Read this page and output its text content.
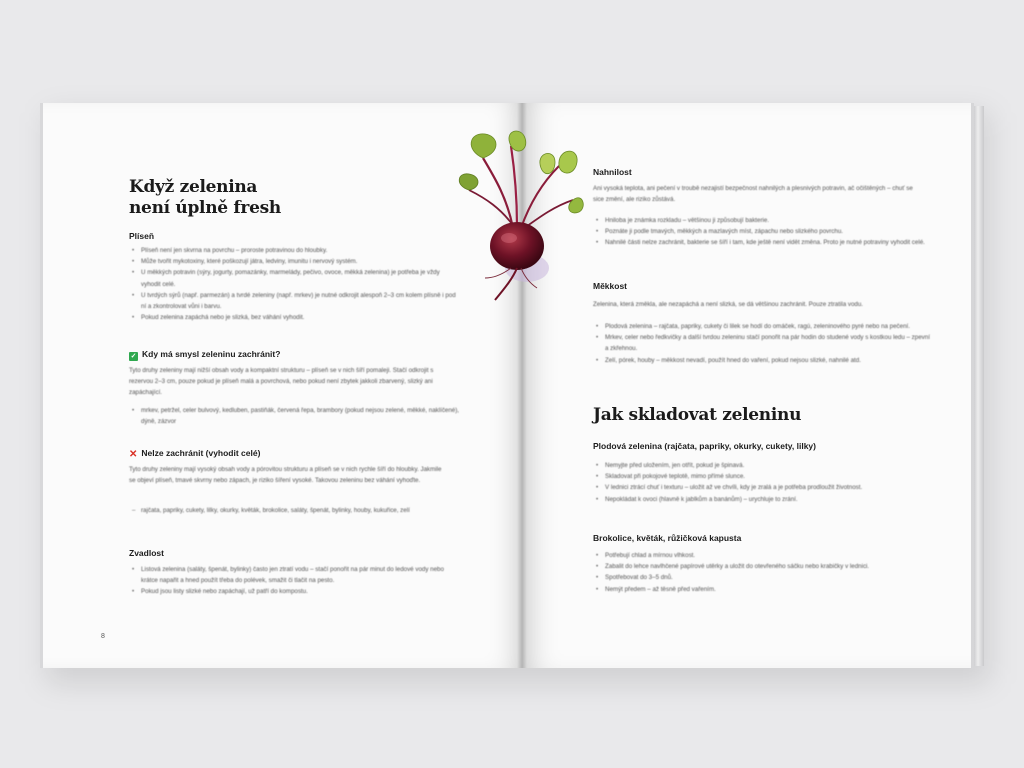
Když zelenina
není úplně fresh
Plíseň
• Plíseň není jen skvrna na povrchu – proroste potravinou do hloubky.
• Může tvořit mykotoxiny, které poškozují játra, ledviny, imunitu i nervový systém.
• U měkkých potravin (sýry, jogurty, pomazánky, marmelády, pečivo, ovoce, měkká zelenina) je potřeba je vždy vyhodit celé.
• U tvrdých sýrů (např. parmezán) a tvrdé zeleniny (např. mrkev) je nutné odkrojit alespoň 2–3 cm kolem plísně i pod ní a zkontrolovat vůni i barvu.
• Pokud zelenina zapáchá nebo je slizká, bez váhání vyhodit.
✓ Kdy má smysl zeleninu zachránit?
Tyto druhy zeleniny mají nižší obsah vody a kompaktní strukturu – plíseň se v nich šíří pomaleji. Stačí odkrojit s rezervou 2–3 cm, pouze pokud je plíseň malá a povrchová, nebo pokud není zbytek jakkoli zbarvený, slizký ani zapáchající.
• mrkev, petržel, celer bulvový, kedluben, pastiňák, červená řepa, brambory (pokud nejsou zelené, měkké, naklíčené), dýně, zázvor
✕ Nelze zachránit (vyhodit celé)
Tyto druhy zeleniny mají vysoký obsah vody a pórovitou strukturu a plíseň se v nich rychle šíří do hloubky. Jakmile se objeví plíseň, tmavé skvrny nebo zápach, je riziko šíření vysoké. Takovou zeleninu bez váhání vyhoďte.
– rajčata, papriky, cukety, lilky, okurky, květák, brokolice, saláty, špenát, bylinky, houby, kukuřice, zelí
Zvadlost
• Listová zelenina (saláty, špenát, bylinky) často jen ztratí vodu – stačí ponořit na pár minut do ledové vody nebo krátce napařit a hned použít třeba do polévek, smažit či tlačit na pesto.
• Pokud jsou listy slizké nebo zapáchají, už patří do kompostu.
8
Nahnilost
Ani vysoká teplota, ani pečení v troubě nezajistí bezpečnost nahnilých a plesnivých potravin, ač očištěných – chuť se sice změní, ale riziko zůstává.
• Hniloba je známka rozkladu – většinou ji způsobují bakterie.
• Poznáte ji podle tmavých, měkkých a mazlavých míst, zápachu nebo slizkého povrchu.
• Nahnilé části nelze zachránit, bakterie se šíří i tam, kde ještě není vidět změna. Proto je nutné potraviny vyhodit celé.
Měkkost
Zelenina, která změkla, ale nezapáchá a není slizká, se dá většinou zachránit. Pouze ztratila vodu.
• Plodová zelenina – rajčata, papriky, cukety či lilek se hodí do omáček, ragú, zeleninového pyré nebo na pečení.
• Mrkev, celer nebo ředkvičky a další tvrdou zeleninu stačí ponořit na pár hodin do studené vody s kostkou ledu – zpevní a zkřehnou.
• Zelí, pórek, houby – měkkost nevadí, použít hned do vaření, pokud nejsou slizké, nahnilé atd.
Jak skladovat zeleninu
Plodová zelenina (rajčata, papriky, okurky, cukety, lilky)
• Nemyjte před uložením, jen otřít, pokud je špinavá.
• Skladovat při pokojové teplotě, mimo přímé slunce.
• V lednici ztrácí chuť i texturu – uložit až ve chvíli, kdy je zralá a je potřeba prodloužit životnost.
• Nepokládat k ovoci (hlavně k jablkům a banánům) – urychluje to zrání.
Brokolice, květák, růžičková kapusta
• Potřebují chlad a mírnou vlhkost.
• Zabalit do lehce navlhčené papírové utěrky a uložit do otevřeného sáčku nebo krabičky v lednici.
• Spotřebovat do 3–5 dnů.
• Nemýt předem – až těsně před vařením.
